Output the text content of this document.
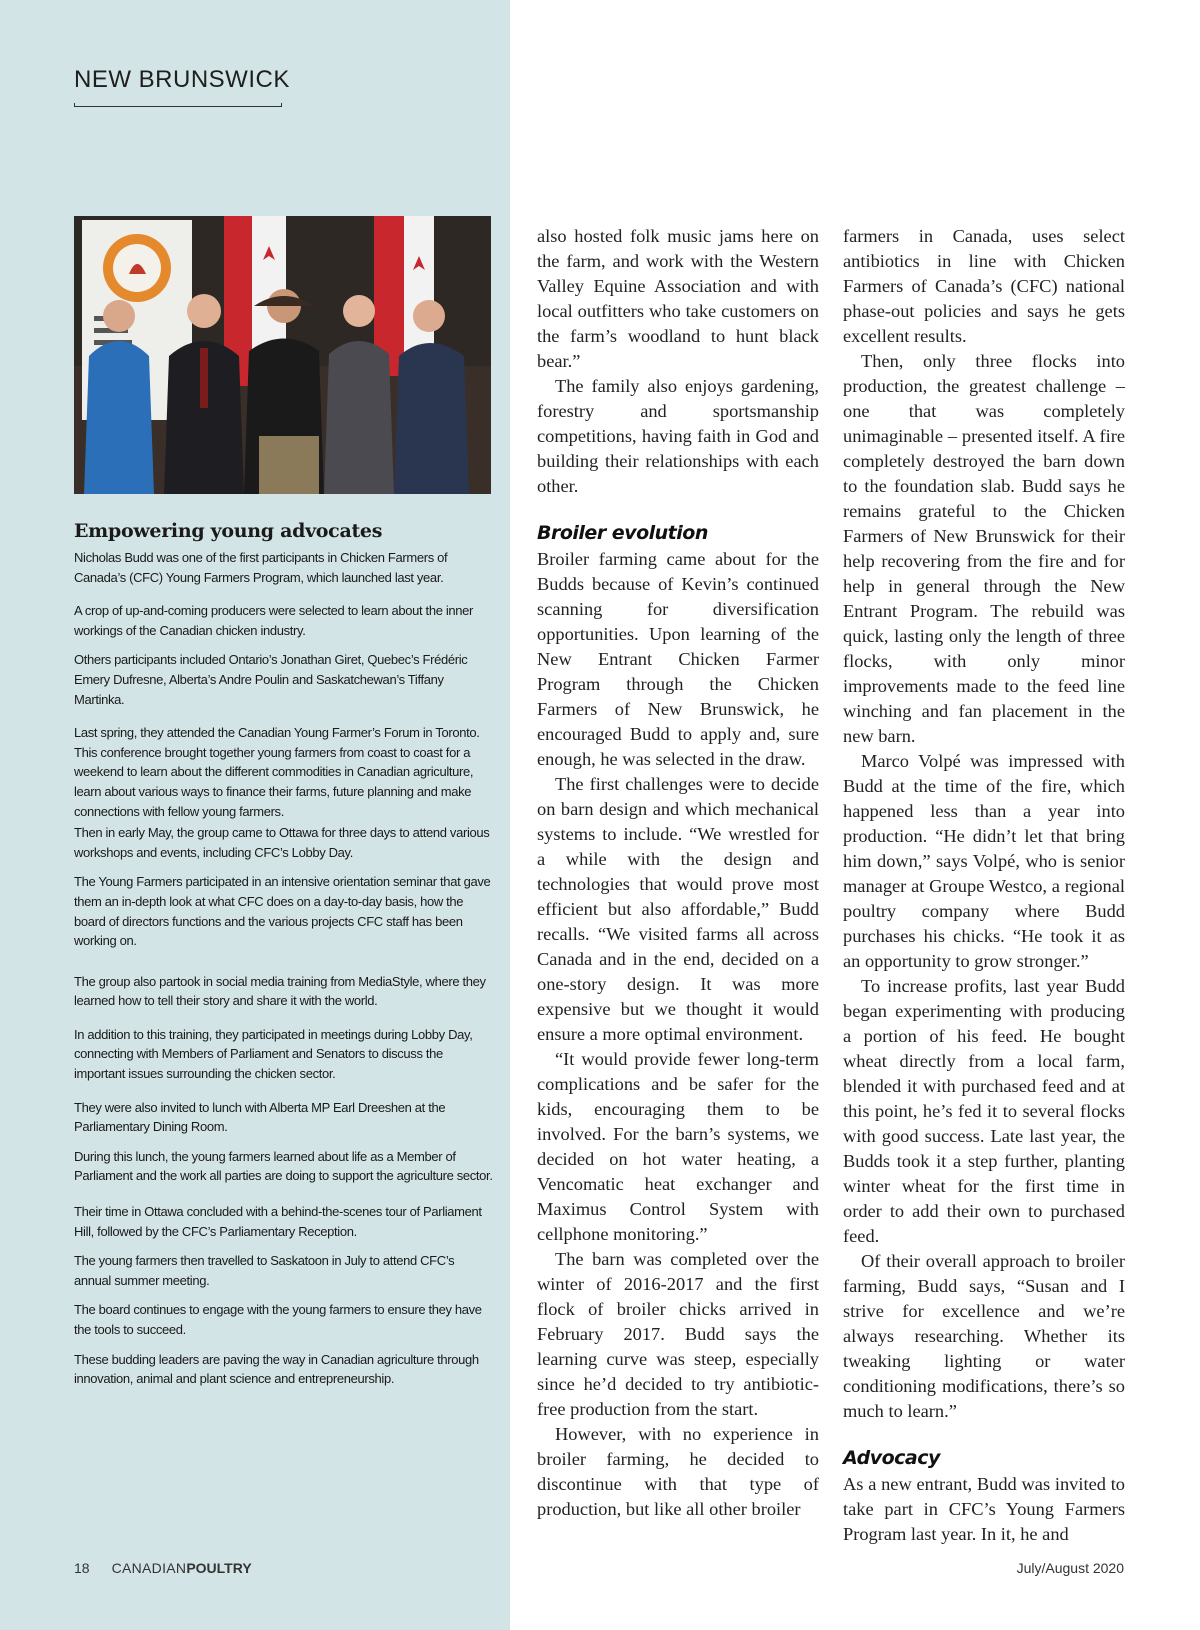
NEW BRUNSWICK
Empowering young advocates

Nicholas Budd was one of the first participants in Chicken Farmers of Canada’s (CFC) Young Farmers Program, which launched last year.

A crop of up-and-coming producers were selected to learn about the inner workings of the Canadian chicken industry.

Others participants included Ontario’s Jonathan Giret, Quebec’s Frédéric Emery Dufresne, Alberta’s Andre Poulin and Saskatchewan’s Tiffany Martinka.

Last spring, they attended the Canadian Young Farmer’s Forum in Toronto. This conference brought together young farmers from coast to coast for a weekend to learn about the different commodities in Canadian agriculture, learn about various ways to finance their farms, future planning and make connections with fellow young farmers.

Then in early May, the group came to Ottawa for three days to attend various workshops and events, including CFC’s Lobby Day.

The Young Farmers participated in an intensive orientation seminar that gave them an in-depth look at what CFC does on a day-to-day basis, how the board of directors functions and the various projects CFC staff has been working on.

The group also partook in social media training from MediaStyle, where they learned how to tell their story and share it with the world.

In addition to this training, they participated in meetings during Lobby Day, connecting with Members of Parliament and Senators to discuss the important issues surrounding the chicken sector.

They were also invited to lunch with Alberta MP Earl Dreeshen at the Parliamentary Dining Room.

During this lunch, the young farmers learned about life as a Member of Parliament and the work all parties are doing to support the agriculture sector.

Their time in Ottawa concluded with a behind-the-scenes tour of Parliament Hill, followed by the CFC’s Parliamentary Reception.

The young farmers then travelled to Saskatoon in July to attend CFC’s annual summer meeting.

The board continues to engage with the young farmers to ensure they have the tools to succeed.

These budding leaders are paving the way in Canadian agriculture through innovation, animal and plant science and entrepreneurship.

also hosted folk music jams here on the farm, and work with the Western Valley Equine Association and with local outfitters who take customers on the farm’s woodland to hunt black bear.”

The family also enjoys gardening, forestry and sportsmanship competitions, having faith in God and building their relationships with each other.

Broiler evolution

Broiler farming came about for the Budds because of Kevin’s continued scanning for diversification opportunities. Upon learning of the New Entrant Chicken Farmer Program through the Chicken Farmers of New Brunswick, he encouraged Budd to apply and, sure enough, he was selected in the draw.

The first challenges were to decide on barn design and which mechanical systems to include. “We wrestled for a while with the design and technologies that would prove most efficient but also affordable,” Budd recalls. “We visited farms all across Canada and in the end, decided on a one-story design. It was more expensive but we thought it would ensure a more optimal environment.

“It would provide fewer long-term complications and be safer for the kids, encouraging them to be involved. For the barn’s systems, we decided on hot water heating, a Vencomatic heat exchanger and Maximus Control System with cellphone monitoring.”

The barn was completed over the winter of 2016-2017 and the first flock of broiler chicks arrived in February 2017. Budd says the learning curve was steep, especially since he’d decided to try antibiotic-free production from the start.

However, with no experience in broiler farming, he decided to discontinue with that type of production, but like all other broiler

farmers in Canada, uses select antibiotics in line with Chicken Farmers of Canada’s (CFC) national phase-out policies and says he gets excellent results.

Then, only three flocks into production, the greatest challenge – one that was completely unimaginable – presented itself. A fire completely destroyed the barn down to the foundation slab. Budd says he remains grateful to the Chicken Farmers of New Brunswick for their help recovering from the fire and for help in general through the New Entrant Program. The rebuild was quick, lasting only the length of three flocks, with only minor improvements made to the feed line winching and fan placement in the new barn.

Marco Volpé was impressed with Budd at the time of the fire, which happened less than a year into production. “He didn’t let that bring him down,” says Volpé, who is senior manager at Groupe Westco, a regional poultry company where Budd purchases his chicks. “He took it as an opportunity to grow stronger.”

To increase profits, last year Budd began experimenting with producing a portion of his feed. He bought wheat directly from a local farm, blended it with purchased feed and at this point, he’s fed it to several flocks with good success. Late last year, the Budds took it a step further, planting winter wheat for the first time in order to add their own to purchased feed.

Of their overall approach to broiler farming, Budd says, “Susan and I strive for excellence and we’re always researching. Whether its tweaking lighting or water conditioning modifications, there’s so much to learn.”

Advocacy

As a new entrant, Budd was invited to take part in CFC’s Young Farmers Program last year. In it, he and

18 CANADIANPOULTRY	July/August 2020
